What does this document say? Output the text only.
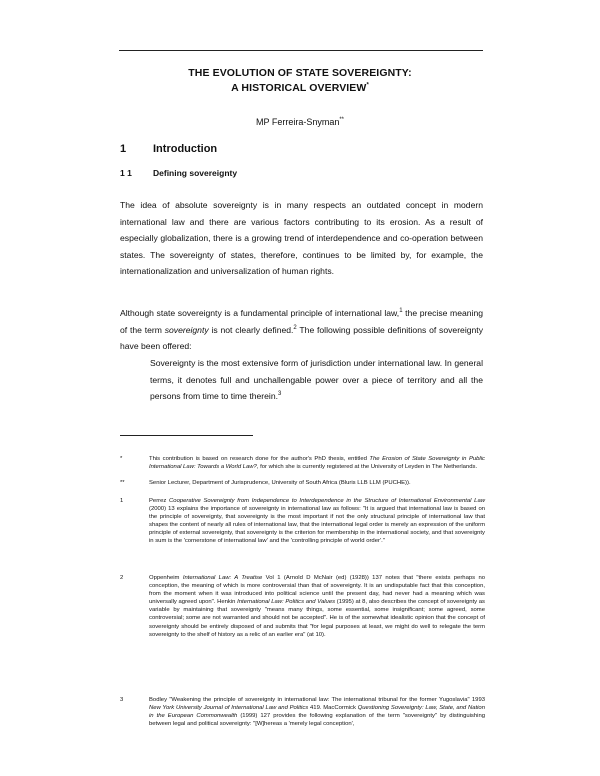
THE EVOLUTION OF STATE SOVEREIGNTY:
A HISTORICAL OVERVIEW*
MP Ferreira-Snyman**
1 Introduction
1 1 Defining sovereignty
The idea of absolute sovereignty is in many respects an outdated concept in modern international law and there are various factors contributing to its erosion. As a result of especially globalization, there is a growing trend of interdependence and co-operation between states. The sovereignty of states, therefore, continues to be limited by, for example, the internationalization and universalization of human rights.
Although state sovereignty is a fundamental principle of international law,$^1$ the precise meaning of the term sovereignty is not clearly defined.$^2$ The following possible definitions of sovereignty have been offered:
Sovereignty is the most extensive form of jurisdiction under international law. In general terms, it denotes full and unchallengable power over a piece of territory and all the persons from time to time therein.$^3$
*	This contribution is based on research done for the author's PhD thesis, entitled The Erosion of State Sovereignty in Public International Law: Towards a World Law?, for which she is currently registered at the University of Leyden in The Netherlands.
**	Senior Lecturer, Department of Jurisprudence, University of South Africa (Bluris LLB LLM (PUCHE)).
1	Perrez Cooperative Sovereignty from Independence to Interdependence in the Structure of International Environmental Law (2000) 13 explains the importance of sovereignty in international law as follows: "It is argued that international law is based on the principle of sovereignty, that sovereignty is the most important if not the only structural principle of international law that shapes the content of nearly all rules of international law, that the international legal order is merely an expression of the uniform principle of external sovereignty, that sovereignty is the criterion for membership in the international society, and that sovereignty in sum is the 'cornerstone of international law' and the 'controlling principle of world order'."
2	Oppenheim International Law: A Treatise Vol 1 (Arnold D McNair (ed) (1928)) 137 notes that "there exists perhaps no conception, the meaning of which is more controversial than that of sovereignty. It is an undisputable fact that this conception, from the moment when it was introduced into political science until the present day, had never had a meaning which was universally agreed upon". Henkin International Law: Politics and Values (1995) at 8, also describes the concept of sovereignty as variable by maintaining that sovereignty "means many things, some essential, some insignificant; some agreed, some controversial; some are not warranted and should not be accepted". He is of the somewhat idealistic opinion that the concept of sovereignty should be entirely disposed of and submits that "for legal purposes at least, we might do well to relegate the term sovereignty to the shelf of history as a relic of an earlier era" (at 10).
3	Bodley "Weakening the principle of sovereignty in international law: The international tribunal for the former Yugoslavia" 1993 New York University Journal of International Law and Politics 419. MacCormick Questioning Sovereignty: Law, State, and Nation in the European Commonwealth (1999) 127 provides the following explanation of the term "sovereignty" by distinguishing between legal and political sovereignty: "[W]hereas a 'merely legal conception',
